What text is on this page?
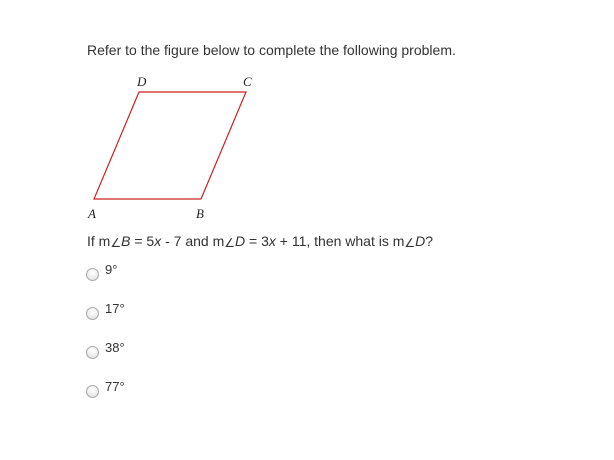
Refer to the figure below to complete the following problem.
D	C
A	B
If m∠B = 5x - 7 and m∠D = 3x + 11, then what is m∠D?
9°
17°
38°
77°
